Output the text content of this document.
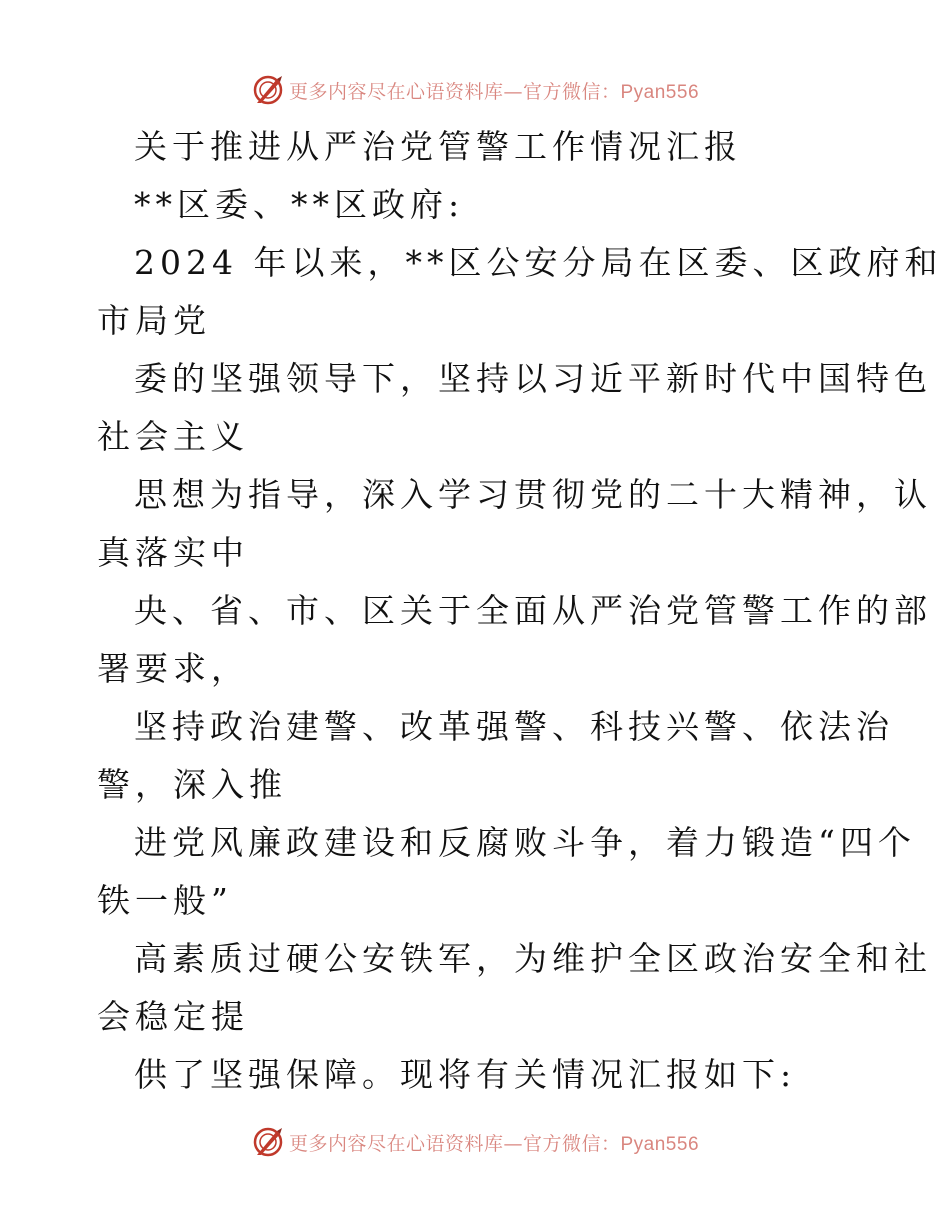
更多内容尽在心语资料库—官方微信：Pyan556
关于推进从严治党管警工作情况汇报
**区委、**区政府:
2024 年以来，**区公安分局在区委、区政府和
市局党
委的坚强领导下，坚持以习近平新时代中国特色
社会主义
思想为指导，深入学习贯彻党的二十大精神，认
真落实中
央、省、市、区关于全面从严治党管警工作的部
署要求，
坚持政治建警、改革强警、科技兴警、依法治
警，深入推
进党风廉政建设和反腐败斗争，着力锻造“四个
铁一般”
高素质过硬公安铁军，为维护全区政治安全和社
会稳定提
供了坚强保障。现将有关情况汇报如下:
更多内容尽在心语资料库—官方微信：Pyan556
